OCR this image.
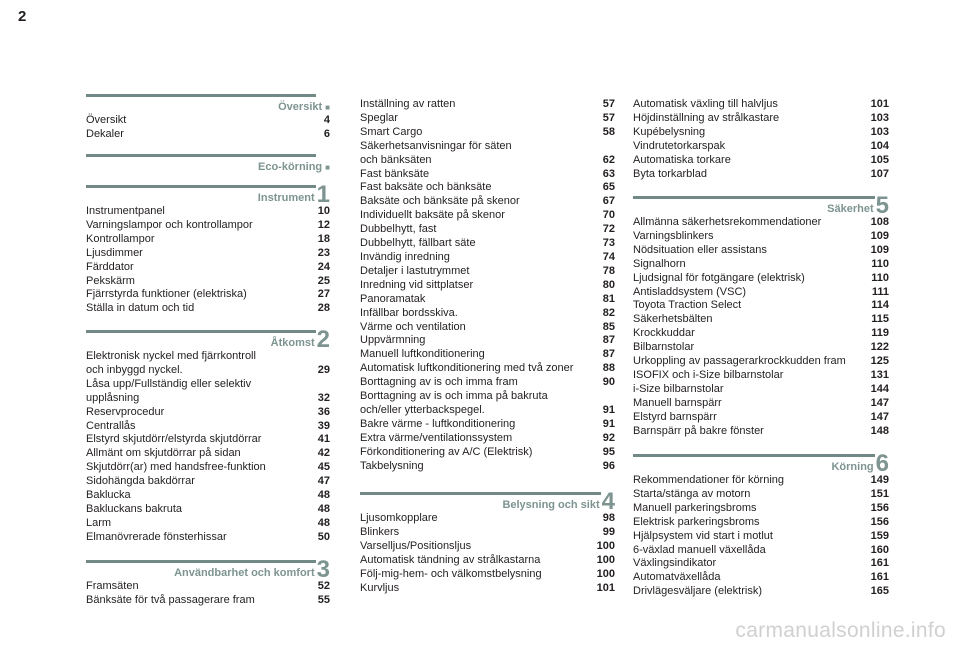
2
Översikt ■
Översikt	4
Dekaler	6
Eco-körning ■
Instrument 1
Instrumentpanel	10
Varningslampor och kontrollampor	12
Kontrollampor	18
Ljusdimmer	23
Färddator	24
Pekskärm	25
Fjärrstyrda funktioner (elektriska)	27
Ställa in datum och tid	28
Åtkomst 2
Elektronisk nyckel med fjärrkontroll
och inbyggd nyckel.	29
Låsa upp/Fullständig eller selektiv
upplåsning	32
Reservprocedur	36
Centrallås	39
Elstyrd skjutdörr/elstyrda skjutdörrar	41
Allmänt om skjutdörrar på sidan	42
Skjutdörr(ar) med handsfree-funktion	45
Sidohängda bakdörrar	47
Baklucka	48
Bakluckans bakruta	48
Larm	48
Elmanövrerade fönsterhissar	50
Användbarhet och komfort 3
Framsäten	52
Bänksäte för två passagerare fram	55
Inställning av ratten	57
Speglar	57
Smart Cargo	58
Säkerhetsanvisningar för säten
och bänksäten	62
Fast bänksäte	63
Fast baksäte och bänksäte	65
Baksäte och bänksäte på skenor	67
Individuellt baksäte på skenor	70
Dubbelhytt, fast	72
Dubbelhytt, fällbart säte	73
Invändig inredning	74
Detaljer i lastutrymmet	78
Inredning vid sittplatser	80
Panoramatak	81
Infällbar bordsskiva.	82
Värme och ventilation	85
Uppvärmning	87
Manuell luftkonditionering	87
Automatisk luftkonditionering med två zoner	88
Borttagning av is och imma fram	90
Borttagning av is och imma på bakruta
och/eller ytterbackspegel.	91
Bakre värme - luftkonditionering	91
Extra värme/ventilationssystem	92
Förkonditionering av A/C (Elektrisk)	95
Takbelysning	96
Belysning och sikt 4
Ljusomkopplare	98
Blinkers	99
Varselljus/Positionsljus	100
Automatisk tändning av strålkastarna	100
Följ-mig-hem- och välkomstbelysning	100
Kurvljus	101
Automatisk växling till halvljus	101
Höjdinställning av strålkastare	103
Kupébelysning	103
Vindrutetorkarspak	104
Automatiska torkare	105
Byta torkarblad	107
Säkerhet 5
Allmänna säkerhetsrekommendationer	108
Varningsblinkers	109
Nödsituation eller assistans	109
Signalhorn	110
Ljudsignal för fotgängare (elektrisk)	110
Antisladdsystem (VSC)	111
Toyota Traction Select	114
Säkerhetsbälten	115
Krockkuddar	119
Bilbarnstolar	122
Urkoppling av passagerarkrockkudden fram 125
ISOFIX och i-Size bilbarnstolar	131
i-Size bilbarnstolar	144
Manuell barnspärr	147
Elstyrd barnspärr	147
Barnspärr på bakre fönster	148
Körning 6
Rekommendationer för körning	149
Starta/stänga av motorn	151
Manuell parkeringsbroms	156
Elektrisk parkeringsbroms	156
Hjälpsystem vid start i motlut	159
6-växlad manuell växellåda	160
Växlingsindikator	161
Automatväxellåda	161
Drivlägesväljare (elektrisk)	165
carmanualsonline.info
